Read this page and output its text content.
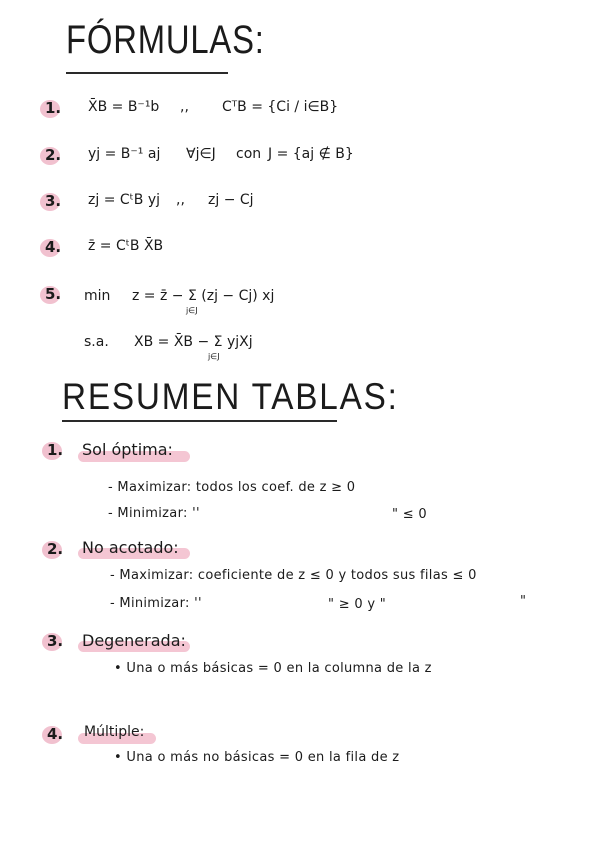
FÓRMULAS:
1. X̄B = B⁻¹b ,, CᵀB = {Ci / i∈B}
2. yj = B⁻¹ aj ∀j∈J con J = {aj ∉ B}
3. zj = CᵗB yj ,, zj − Cj
4. z̄ = CᵗB X̄B
5. min z = z̄ − Σ (zj − Cj) xj
j∈J
s.a. XB = X̄B − Σ yjXj
j∈J
RESUMEN TABLAS:
1. Sol óptima:
- Maximizar: todos los coef. de z ≥ 0
- Minimizar: ''	" ≤ 0
2. No acotado:
- Maximizar: coeficiente de z ≤ 0 y todos sus filas ≤ 0
- Minimizar: ''	" ≥ 0 y "	"
3. Degenerada:
• Una o más básicas = 0 en la columna de la z
4. Múltiple:
• Una o más no básicas = 0 en la fila de z
